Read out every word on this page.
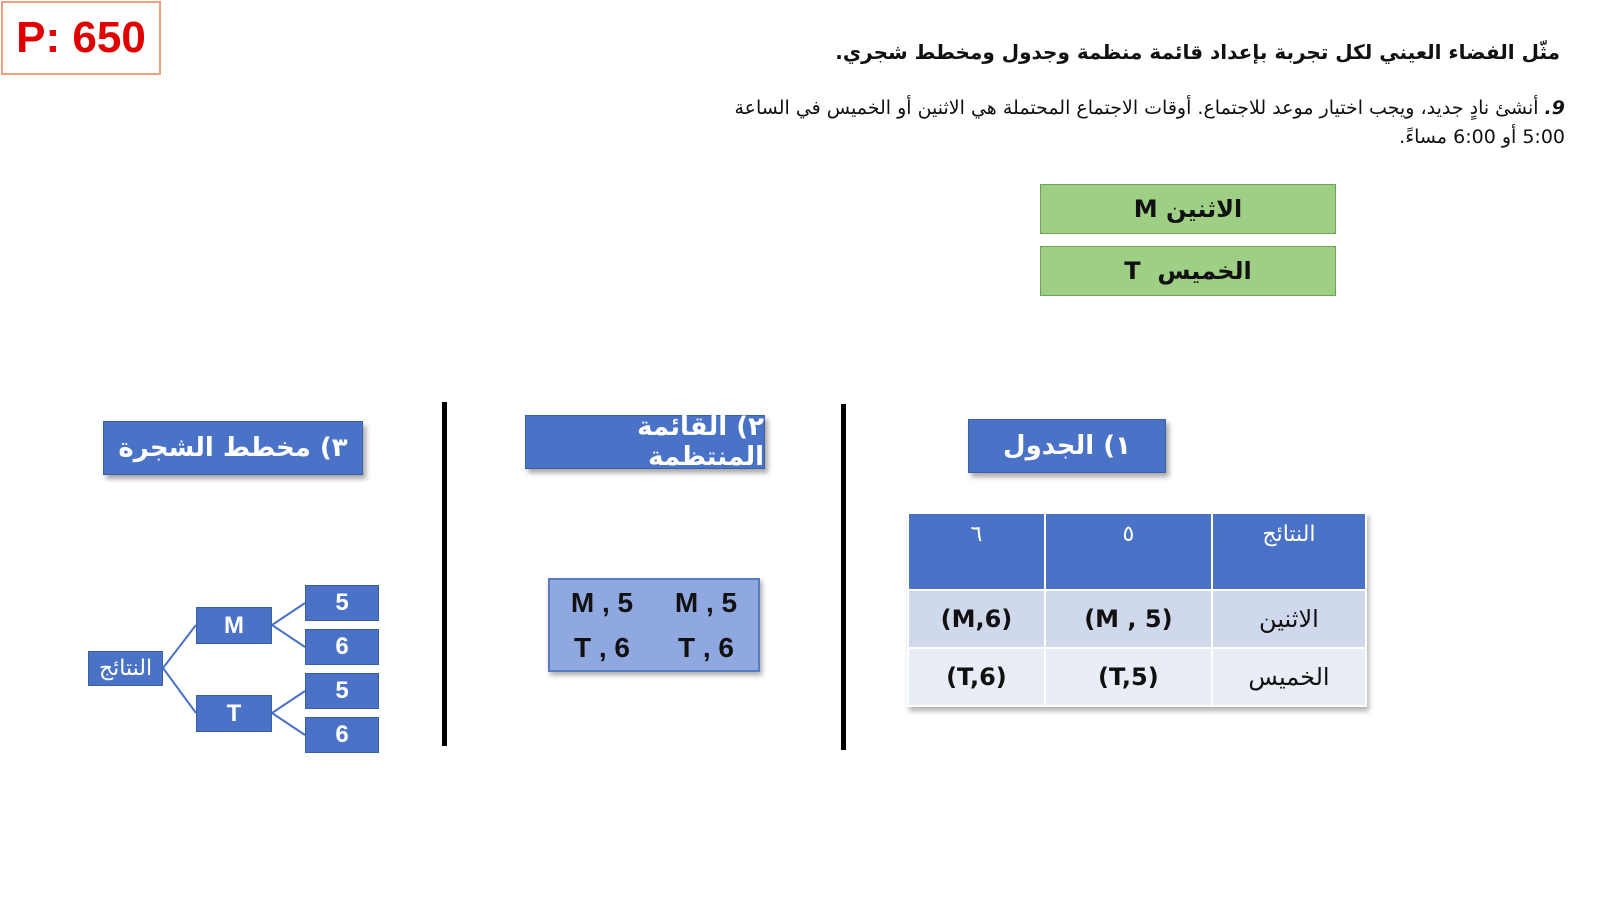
P: 650	مثّل الفضاء العيني لكل تجربة بإعداد قائمة منظمة وجدول ومخطط شجري.
9.أنشئ نادٍ جديد، ويجب اختيار موعد للاجتماع. أوقات الاجتماع المحتملة هي الاثنين أو الخميس في الساعة
5:00 أو 6:00 مساءً.
الاثنين

M
الخميس

T
١) الجدول
٢) القائمة المنتظمة
٣) مخطط الشجرة
النتائج	٥	٦
الاثنين	(M , 5)	(M,6)
الخميس	(T,5)	(T,6)
M , 5	M , 5
T , 6	T , 6
النتائج
M
T
5
6
5
6
